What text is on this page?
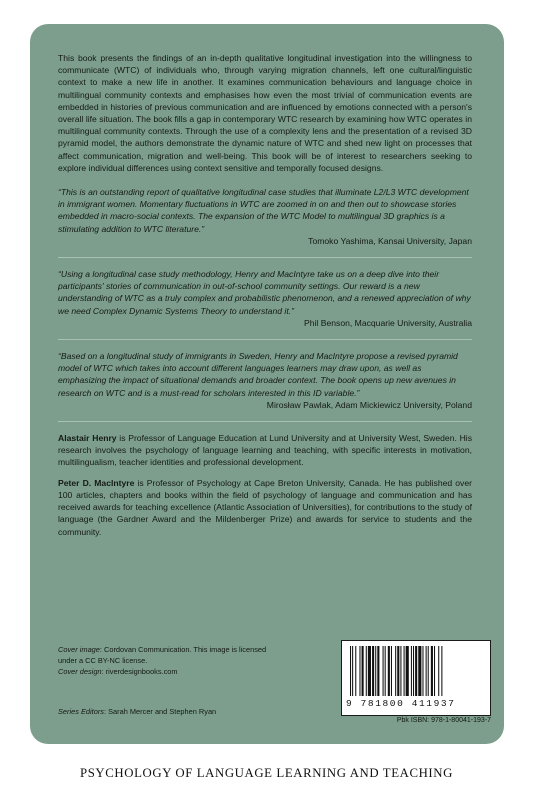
This book presents the findings of an in-depth qualitative longitudinal investigation into the willingness to communicate (WTC) of individuals who, through varying migration channels, left one cultural/linguistic context to make a new life in another. It examines communication behaviours and language choice in multilingual community contexts and emphasises how even the most trivial of communication events are embedded in histories of previous communication and are influenced by emotions connected with a person's overall life situation. The book fills a gap in contemporary WTC research by examining how WTC operates in multilingual community contexts. Through the use of a complexity lens and the presentation of a revised 3D pyramid model, the authors demonstrate the dynamic nature of WTC and shed new light on processes that affect communication, migration and well-being. This book will be of interest to researchers seeking to explore individual differences using context sensitive and temporally focused designs.

“This is an outstanding report of qualitative longitudinal case studies that illuminate L2/L3 WTC development in immigrant women. Momentary fluctuations in WTC are zoomed in on and then out to showcase stories embedded in macro-social contexts. The expansion of the WTC Model to multilingual 3D graphics is a stimulating addition to WTC literature.”

Tomoko Yashima, Kansai University, Japan

“Using a longitudinal case study methodology, Henry and MacIntyre take us on a deep dive into their participants' stories of communication in out-of-school community settings. Our reward is a new understanding of WTC as a truly complex and probabilistic phenomenon, and a renewed appreciation of why we need Complex Dynamic Systems Theory to understand it.”

Phil Benson, Macquarie University, Australia

“Based on a longitudinal study of immigrants in Sweden, Henry and MacIntyre propose a revised pyramid model of WTC which takes into account different languages learners may draw upon, as well as emphasizing the impact of situational demands and broader context. The book opens up new avenues in research on WTC and is a must-read for scholars interested in this ID variable.”

Mirosław Pawlak, Adam Mickiewicz University, Poland

Alastair Henry is Professor of Language Education at Lund University and at University West, Sweden. His research involves the psychology of language learning and teaching, with specific interests in motivation, multilingualism, teacher identities and professional development.

Peter D. MacIntyre is Professor of Psychology at Cape Breton University, Canada. He has published over 100 articles, chapters and books within the field of psychology of language and communication and has received awards for teaching excellence (Atlantic Association of Universities), for contributions to the study of language (the Gardner Award and the Mildenberger Prize) and awards for service to students and the community.

Cover image: Cordovan Communication. This image is licensed under a CC BY-NC license.

Cover design: riverdesignbooks.com

Series Editors: Sarah Mercer and Stephen Ryan
9 781800 411937
Pbk ISBN: 978-1-80041-193-7
PSYCHOLOGY OF LANGUAGE LEARNING AND TEACHING
